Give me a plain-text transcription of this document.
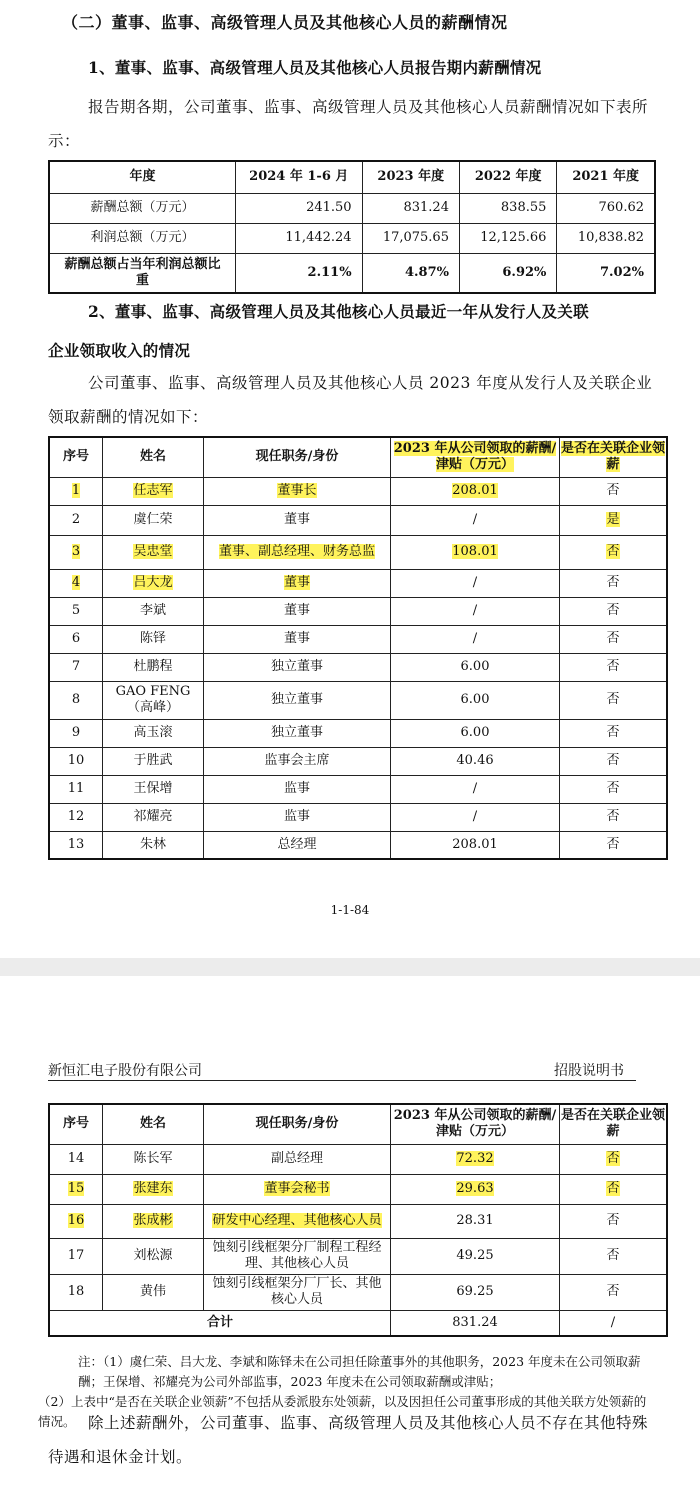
（二）董事、监事、高级管理人员及其他核心人员的薪酬情况
1、董事、监事、高级管理人员及其他核心人员报告期内薪酬情况
报告期各期，公司董事、监事、高级管理人员及其他核心人员薪酬情况如下表所示：
年度	2024 年 1-6 月	2023 年度	2022 年度	2021 年度
薪酬总额（万元）	241.50	831.24	838.55	760.62
利润总额（万元）	11,442.24	17,075.65	12,125.66	10,838.82
薪酬总额占当年利润总额比重	2.11%	4.87%	6.92%	7.02%
2、董事、监事、高级管理人员及其他核心人员最近一年从发行人及关联
企业领取收入的情况
公司董事、监事、高级管理人员及其他核心人员 2023 年度从发行人及关联企业领取薪酬的情况如下：
序号	姓名	现任职务/身份	2023 年从公司领取的薪酬/津贴（万元）	是否在关联企业领薪
1	任志军	董事长	208.01	否
2	虞仁荣	董事	/	是
3	吴忠堂	董事、副总经理、财务总监	108.01	否
4	吕大龙	董事	/	否
5	李斌	董事	/	否
6	陈铎	董事	/	否
7	杜鹏程	独立董事	6.00	否
8	GAO FENG（高峰）	独立董事	6.00	否
9	高玉滚	独立董事	6.00	否
10	于胜武	监事会主席	40.46	否
11	王保增	监事	/	否
12	祁耀亮	监事	/	否
13	朱林	总经理	208.01	否
1-1-84
新恒汇电子股份有限公司	招股说明书
序号	姓名	现任职务/身份	2023 年从公司领取的薪酬/津贴（万元）	是否在关联企业领薪
14	陈长军	副总经理	72.32	否
15	张建东	董事会秘书	29.63	否
16	张成彬	研发中心经理、其他核心人员	28.31	否
17	刘松源	蚀刻引线框架分厂制程工程经理、其他核心人员	49.25	否
18	黄伟	蚀刻引线框架分厂厂长、其他核心人员	69.25	否
合计			831.24	/
注：（1）虞仁荣、吕大龙、李斌和陈铎未在公司担任除董事外的其他职务，2023 年度未在公司领取薪酬；王保增、祁耀亮为公司外部监事，2023 年度未在公司领取薪酬或津贴；
（2）上表中“是否在关联企业领薪”不包括从委派股东处领薪，以及因担任公司董事形成的其他关联方处领薪的情况。 除上述薪酬外，公司董事、监事、高级管理人员及其他核心人员不存在其他特殊待遇和退休金计划。
